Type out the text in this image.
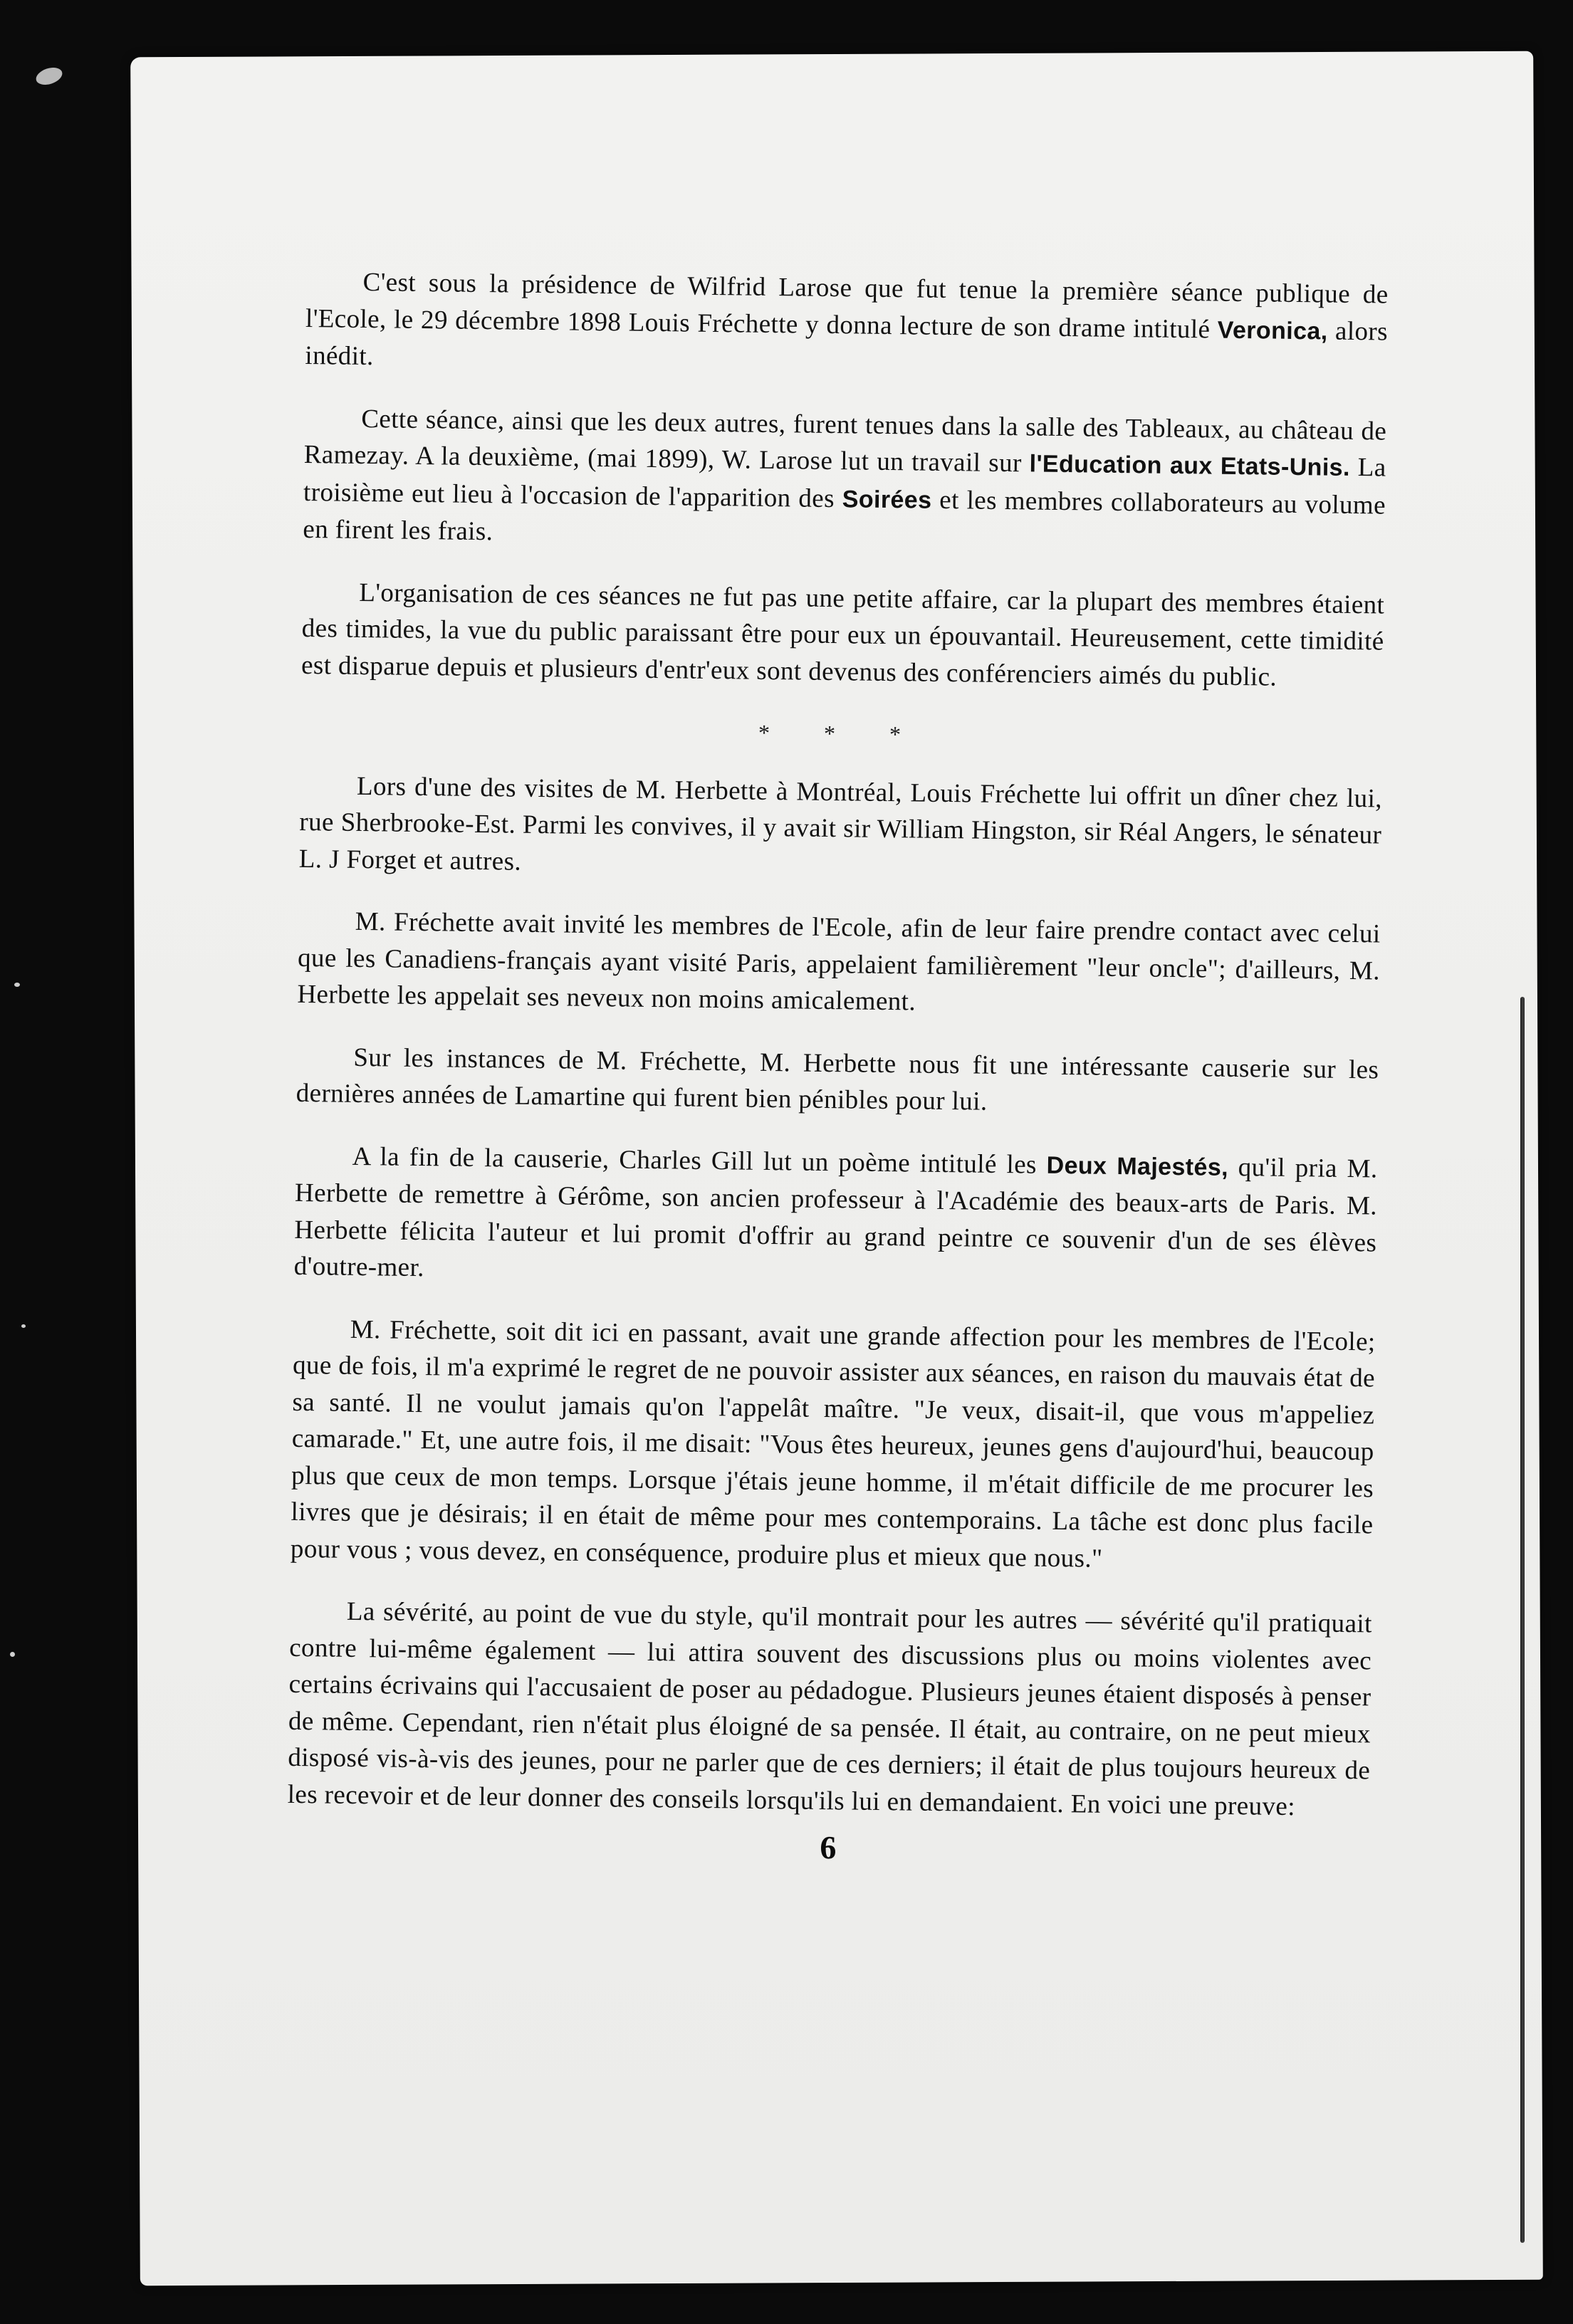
C'est sous la présidence de Wilfrid Larose que fut tenue la première séance publique de l'Ecole, le 29 décembre 1898 Louis Fréchette y donna lecture de son drame intitulé Veronica, alors inédit.

Cette séance, ainsi que les deux autres, furent tenues dans la salle des Tableaux, au château de Ramezay. A la deuxième, (mai 1899), W. Larose lut un travail sur l'Education aux Etats-Unis. La troisième eut lieu à l'occasion de l'apparition des Soirées et les membres collaborateurs au volume en firent les frais.

L'organisation de ces séances ne fut pas une petite affaire, car la plupart des membres étaient des timides, la vue du public paraissant être pour eux un épouvantail. Heureusement, cette timidité est disparue depuis et plusieurs d'entr'eux sont devenus des conférenciers aimés du public.

* * *

Lors d'une des visites de M. Herbette à Montréal, Louis Fréchette lui offrit un dîner chez lui, rue Sherbrooke-Est. Parmi les convives, il y avait sir William Hingston, sir Réal Angers, le sénateur L. J Forget et autres.

M. Fréchette avait invité les membres de l'Ecole, afin de leur faire prendre contact avec celui que les Canadiens-français ayant visité Paris, appelaient familièrement "leur oncle"; d'ailleurs, M. Herbette les appelait ses neveux non moins amicalement.

Sur les instances de M. Fréchette, M. Herbette nous fit une intéressante causerie sur les dernières années de Lamartine qui furent bien pénibles pour lui.

A la fin de la causerie, Charles Gill lut un poème intitulé les Deux Majestés, qu'il pria M. Herbette de remettre à Gérôme, son ancien professeur à l'Académie des beaux-arts de Paris. M. Herbette félicita l'auteur et lui promit d'offrir au grand peintre ce souvenir d'un de ses élèves d'outre-mer.

M. Fréchette, soit dit ici en passant, avait une grande affection pour les membres de l'Ecole; que de fois, il m'a exprimé le regret de ne pouvoir assister aux séances, en raison du mauvais état de sa santé. Il ne voulut jamais qu'on l'appelât maître. "Je veux, disait-il, que vous m'appeliez camarade." Et, une autre fois, il me disait: "Vous êtes heureux, jeunes gens d'aujourd'hui, beaucoup plus que ceux de mon temps. Lorsque j'étais jeune homme, il m'était difficile de me procurer les livres que je désirais; il en était de même pour mes contemporains. La tâche est donc plus facile pour vous ; vous devez, en conséquence, produire plus et mieux que nous."

La sévérité, au point de vue du style, qu'il montrait pour les autres — sévérité qu'il pratiquait contre lui-même également — lui attira souvent des discussions plus ou moins violentes avec certains écrivains qui l'accusaient de poser au pédadogue. Plusieurs jeunes étaient disposés à penser de même. Cependant, rien n'était plus éloigné de sa pensée. Il était, au contraire, on ne peut mieux disposé vis-à-vis des jeunes, pour ne parler que de ces derniers; il était de plus toujours heureux de les recevoir et de leur donner des conseils lorsqu'ils lui en demandaient. En voici une preuve:

6
